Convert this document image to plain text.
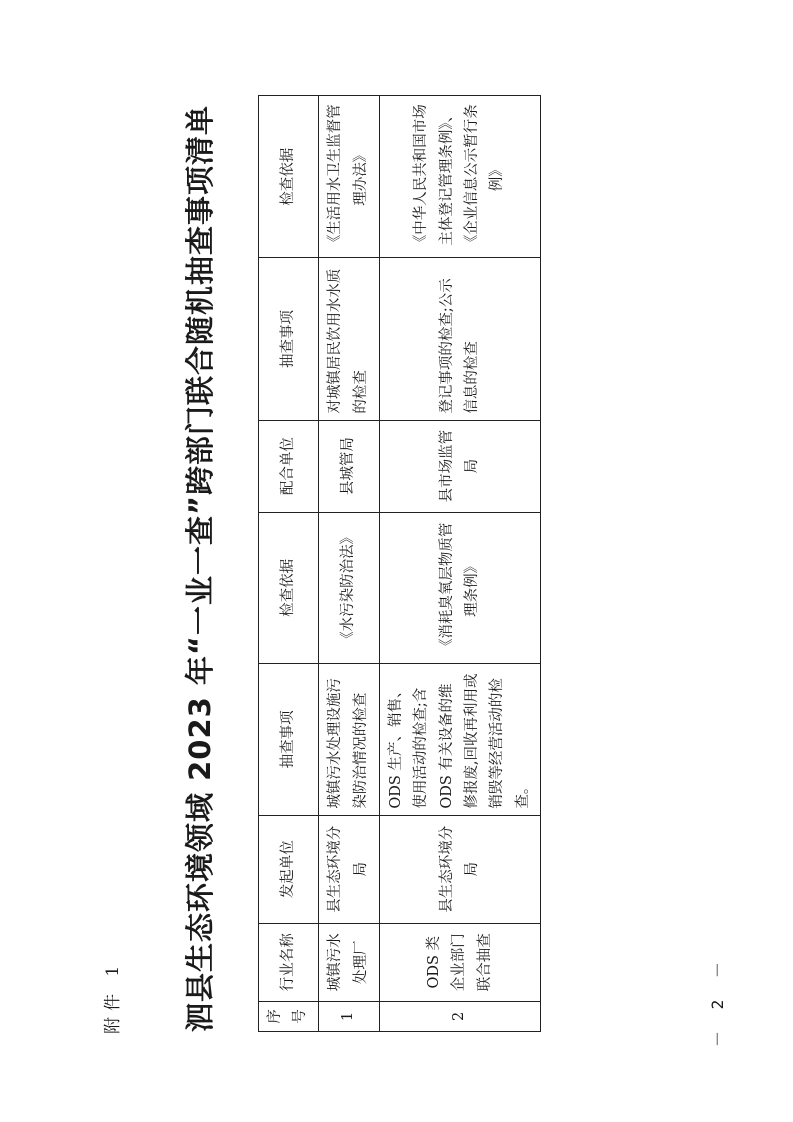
附件 1 泗县生态环境领域 2023 年“一业一查”跨部门联合随机抽查事项清单	序号	行业名称	发起单位	抽查事项	检查依据	配合单位	抽查事项	检查依据
1	城镇污水处理厂	县生态环境分局	城镇污水处理设施污染防治情况的检查	《水污染防治法》	县城管局	对城镇居民饮用水水质的检查	《生活用水卫生监督管理办法》
2	ODS 类企业部门联合抽查	县生态环境分局	ODS 生产、销售、使用活动的检查;含 ODS 有关设备的维修报废,回收再利用或销毁等经营活动的检查。	《消耗臭氧层物质管理条例》	县市场监管局	登记事项的检查;公示信息的检查	《中华人民共和国市场主体登记管理条例》、《企业信息公示暂行条例》
－ 2 －
